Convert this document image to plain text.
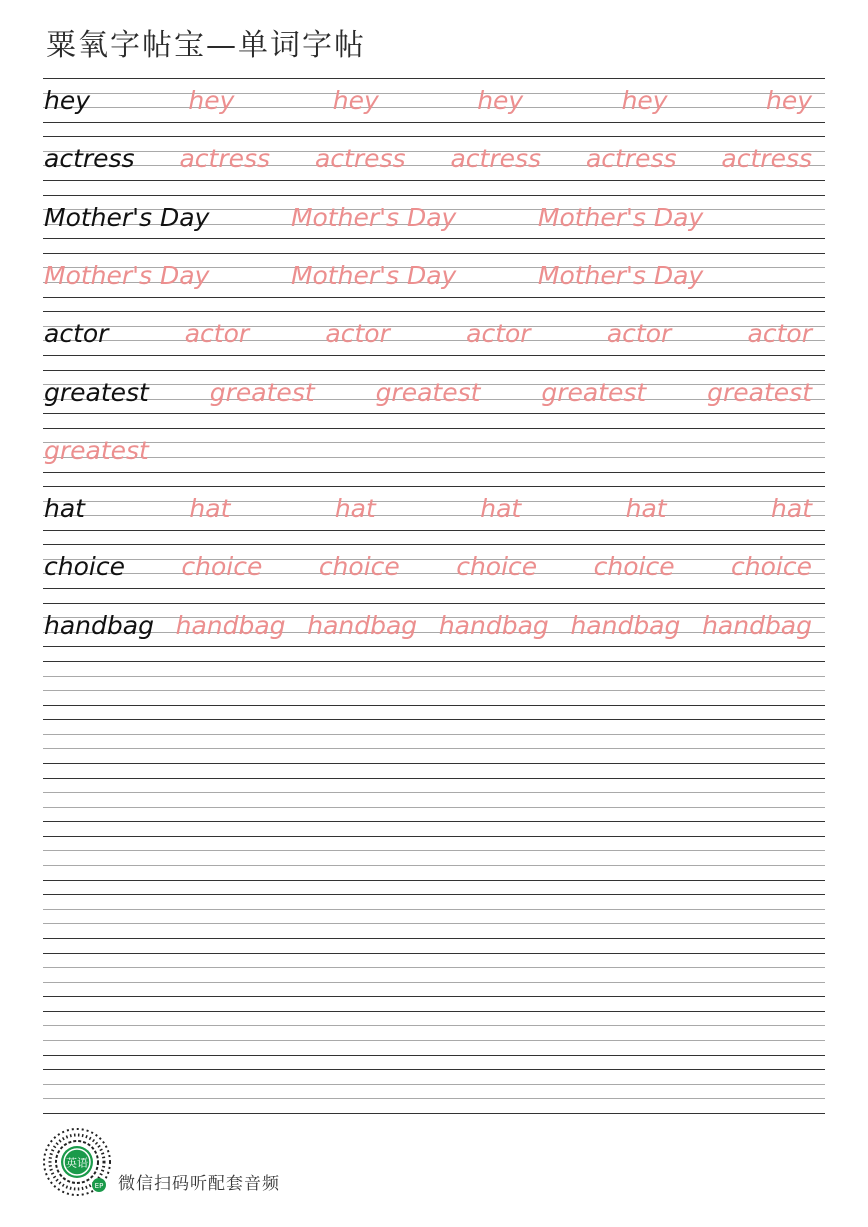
粟氧字帖宝—单词字帖
hey	hey	hey	hey	hey	hey
actress actress actress actress actress actress
Mother's Day	Mother's Day	Mother's Day
Mother's Day	Mother's Day	Mother's Day
actor	actor	actor	actor	actor	actor
greatest greatest greatest greatest greatest
greatest
hat	hat	hat	hat	hat	hat
choice choice choice choice choice choice
handbag handbag handbag handbag handbag handbag
英语
EP 微信扫码听配套音频
